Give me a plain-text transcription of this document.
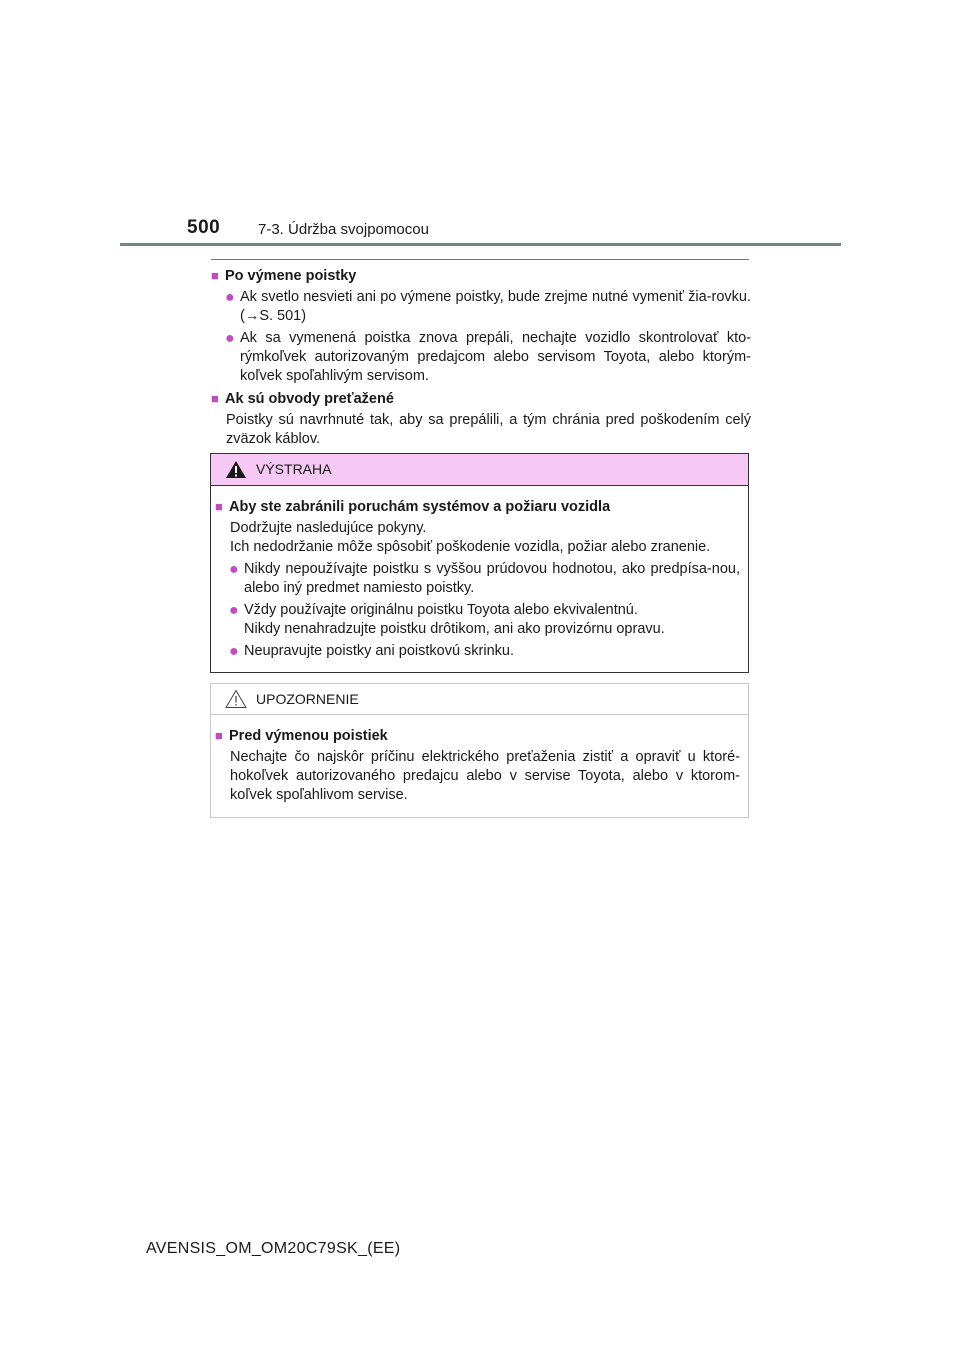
500	7-3. Údržba svojpomocou
■ Po výmene poistky
● Ak svetlo nesvieti ani po výmene poistky, bude zrejme nutné vymeniť žia-rovku. (→S. 501)
● Ak sa vymenená poistka znova prepáli, nechajte vozidlo skontrolovať kto-rýmkoľvek autorizovaným predajcom alebo servisom Toyota, alebo ktorým-koľvek spoľahlivým servisom.
■ Ak sú obvody preťažené
Poistky sú navrhnuté tak, aby sa prepálili, a tým chránia pred poškodením celý zväzok káblov.
VÝSTRAHA
■ Aby ste zabránili poruchám systémov a požiaru vozidla
Dodržujte nasledujúce pokyny.
Ich nedodržanie môže spôsobiť poškodenie vozidla, požiar alebo zranenie.
● Nikdy nepoužívajte poistku s vyššou prúdovou hodnotou, ako predpísa-nou, alebo iný predmet namiesto poistky.
● Vždy používajte originálnu poistku Toyota alebo ekvivalentnú.
Nikdy nenahradzujte poistku drôtikom, ani ako provizórnu opravu.
● Neupravujte poistky ani poistkovú skrinku.
UPOZORNENIE
■ Pred výmenou poistiek
Nechajte čo najskôr príčinu elektrického preťaženia zistiť a opraviť u ktoré-hokoľvek autorizovaného predajcu alebo v servise Toyota, alebo v ktorom-koľvek spoľahlivom servise.
AVENSIS_OM_OM20C79SK_(EE)
